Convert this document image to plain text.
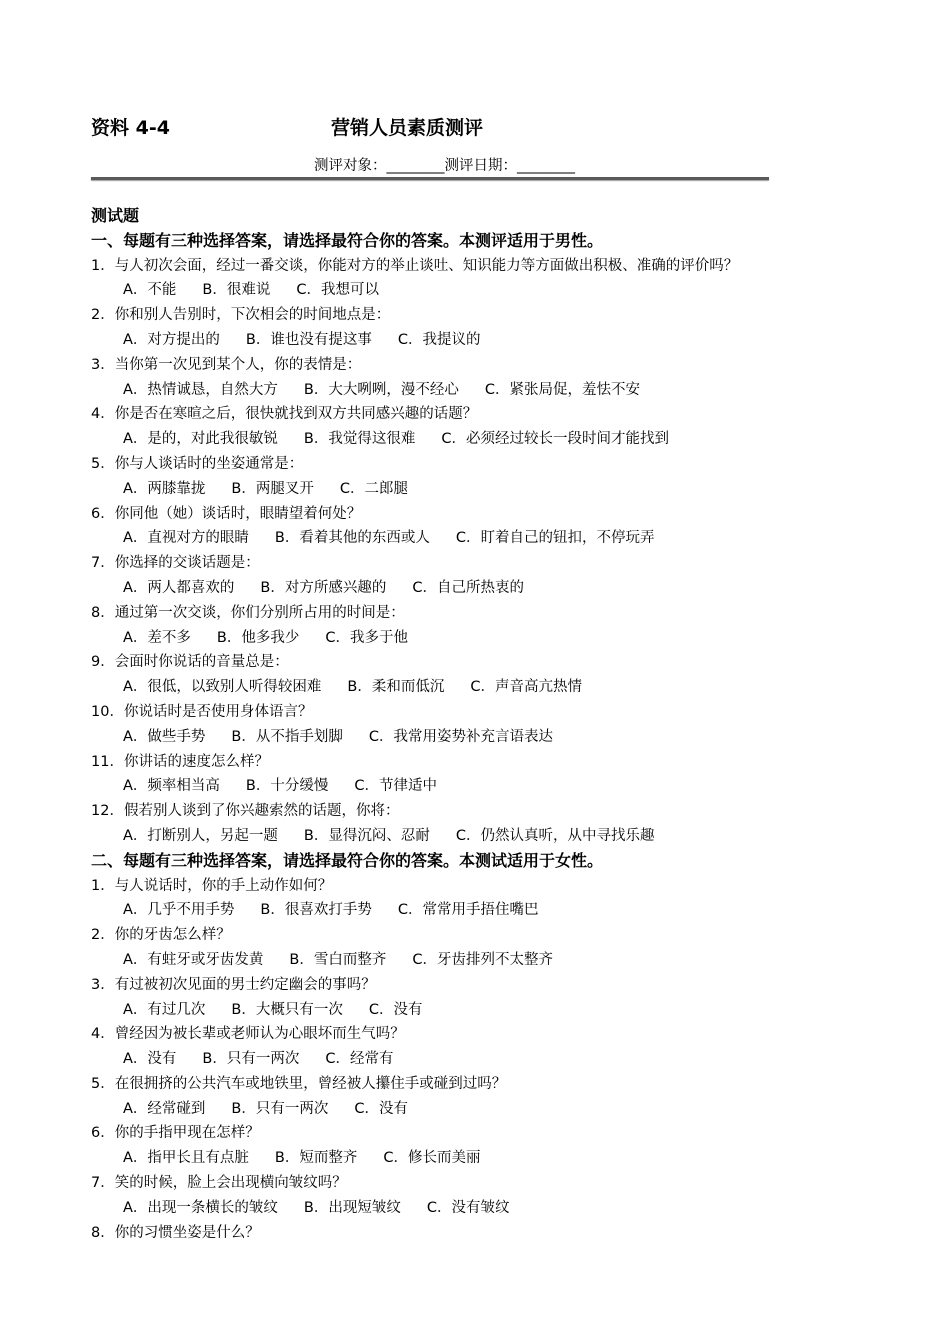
资料 4-4	营销人员素质测评
测评对象：________测评日期：________
测试题
一、每题有三种选择答案，请选择最符合你的答案。本测评适用于男性。
1．与人初次会面，经过一番交谈，你能对方的举止谈吐、知识能力等方面做出积极、准确的评价吗？
A．不能 B．很难说 C．我想可以
2．你和别人告别时，下次相会的时间地点是：
A．对方提出的 B．谁也没有提这事 C．我提议的
3．当你第一次见到某个人，你的表情是：
A．热情诚恳，自然大方 B．大大咧咧，漫不经心 C．紧张局促，羞怯不安
4．你是否在寒暄之后，很快就找到双方共同感兴趣的话题？
A．是的，对此我很敏锐 B．我觉得这很难 C．必须经过较长一段时间才能找到
5．你与人谈话时的坐姿通常是：
A．两膝靠拢 B．两腿叉开 C．二郎腿
6．你同他（她）谈话时，眼睛望着何处？
A．直视对方的眼睛 B．看着其他的东西或人 C．盯着自己的钮扣，不停玩弄
7．你选择的交谈话题是：
A．两人都喜欢的 B．对方所感兴趣的 C．自己所热衷的
8．通过第一次交谈，你们分别所占用的时间是：
A．差不多 B．他多我少 C．我多于他
9．会面时你说话的音量总是：
A．很低，以致别人听得较困难 B．柔和而低沉 C．声音高亢热情
10．你说话时是否使用身体语言？
A．做些手势 B．从不指手划脚 C．我常用姿势补充言语表达
11．你讲话的速度怎么样？
A．频率相当高 B．十分缓慢 C．节律适中
12．假若别人谈到了你兴趣索然的话题，你将：
A．打断别人，另起一题 B．显得沉闷、忍耐 C．仍然认真听，从中寻找乐趣
二、每题有三种选择答案，请选择最符合你的答案。本测试适用于女性。
1．与人说话时，你的手上动作如何？
A．几乎不用手势 B．很喜欢打手势 C．常常用手捂住嘴巴
2．你的牙齿怎么样？
A．有蛀牙或牙齿发黄 B．雪白而整齐 C．牙齿排列不太整齐
3．有过被初次见面的男士约定幽会的事吗？
A．有过几次 B．大概只有一次 C．没有
4．曾经因为被长辈或老师认为心眼坏而生气吗？
A．没有 B．只有一两次 C．经常有
5．在很拥挤的公共汽车或地铁里，曾经被人攥住手或碰到过吗？
A．经常碰到 B．只有一两次 C．没有
6．你的手指甲现在怎样？
A．指甲长且有点脏 B．短而整齐 C．修长而美丽
7．笑的时候，脸上会出现横向皱纹吗？
A．出现一条横长的皱纹 B．出现短皱纹 C．没有皱纹
8．你的习惯坐姿是什么？
